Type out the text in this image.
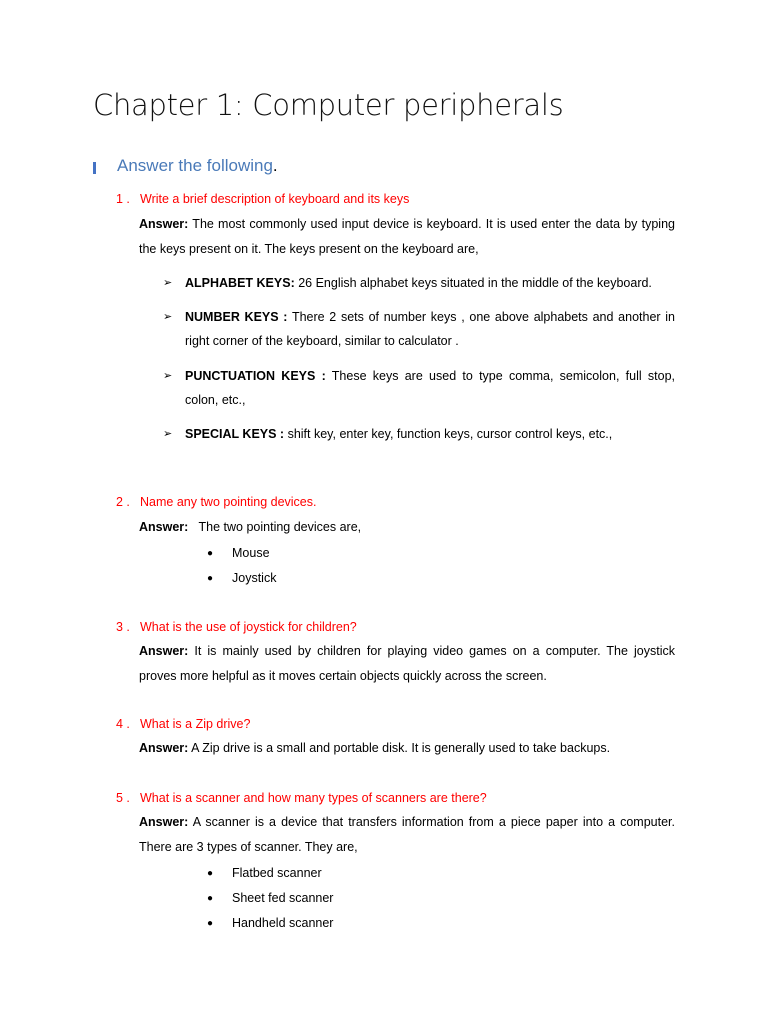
Chapter 1: Computer peripherals
Answer the following.
1 . Write a brief description of keyboard and its keys
Answer: The most commonly used input device is keyboard. It is used enter the data by typing the keys present on it. The keys present on the keyboard are,
➢ ALPHABET KEYS: 26 English alphabet keys situated in the middle of the keyboard.
➢ NUMBER KEYS : There 2 sets of number keys , one above alphabets and another in right corner of the keyboard, similar to calculator .
➢ PUNCTUATION KEYS : These keys are used to type comma, semicolon, full stop, colon, etc.,
➢ SPECIAL KEYS : shift key, enter key, function keys, cursor control keys, etc.,
2 . Name any two pointing devices.
Answer:   The two pointing devices are,
● Mouse
● Joystick
3 . What is the use of joystick for children?
Answer: It is mainly used by children for playing video games on a computer. The joystick proves more helpful as it moves certain objects quickly across the screen.
4 . What is a Zip drive?
Answer: A Zip drive is a small and portable disk. It is generally used to take backups.
5 . What is a scanner and how many types of scanners are there?
Answer: A scanner is a device that transfers information from a piece paper into a computer. There are 3 types of scanner. They are,
● Flatbed scanner
● Sheet fed scanner
● Handheld scanner
